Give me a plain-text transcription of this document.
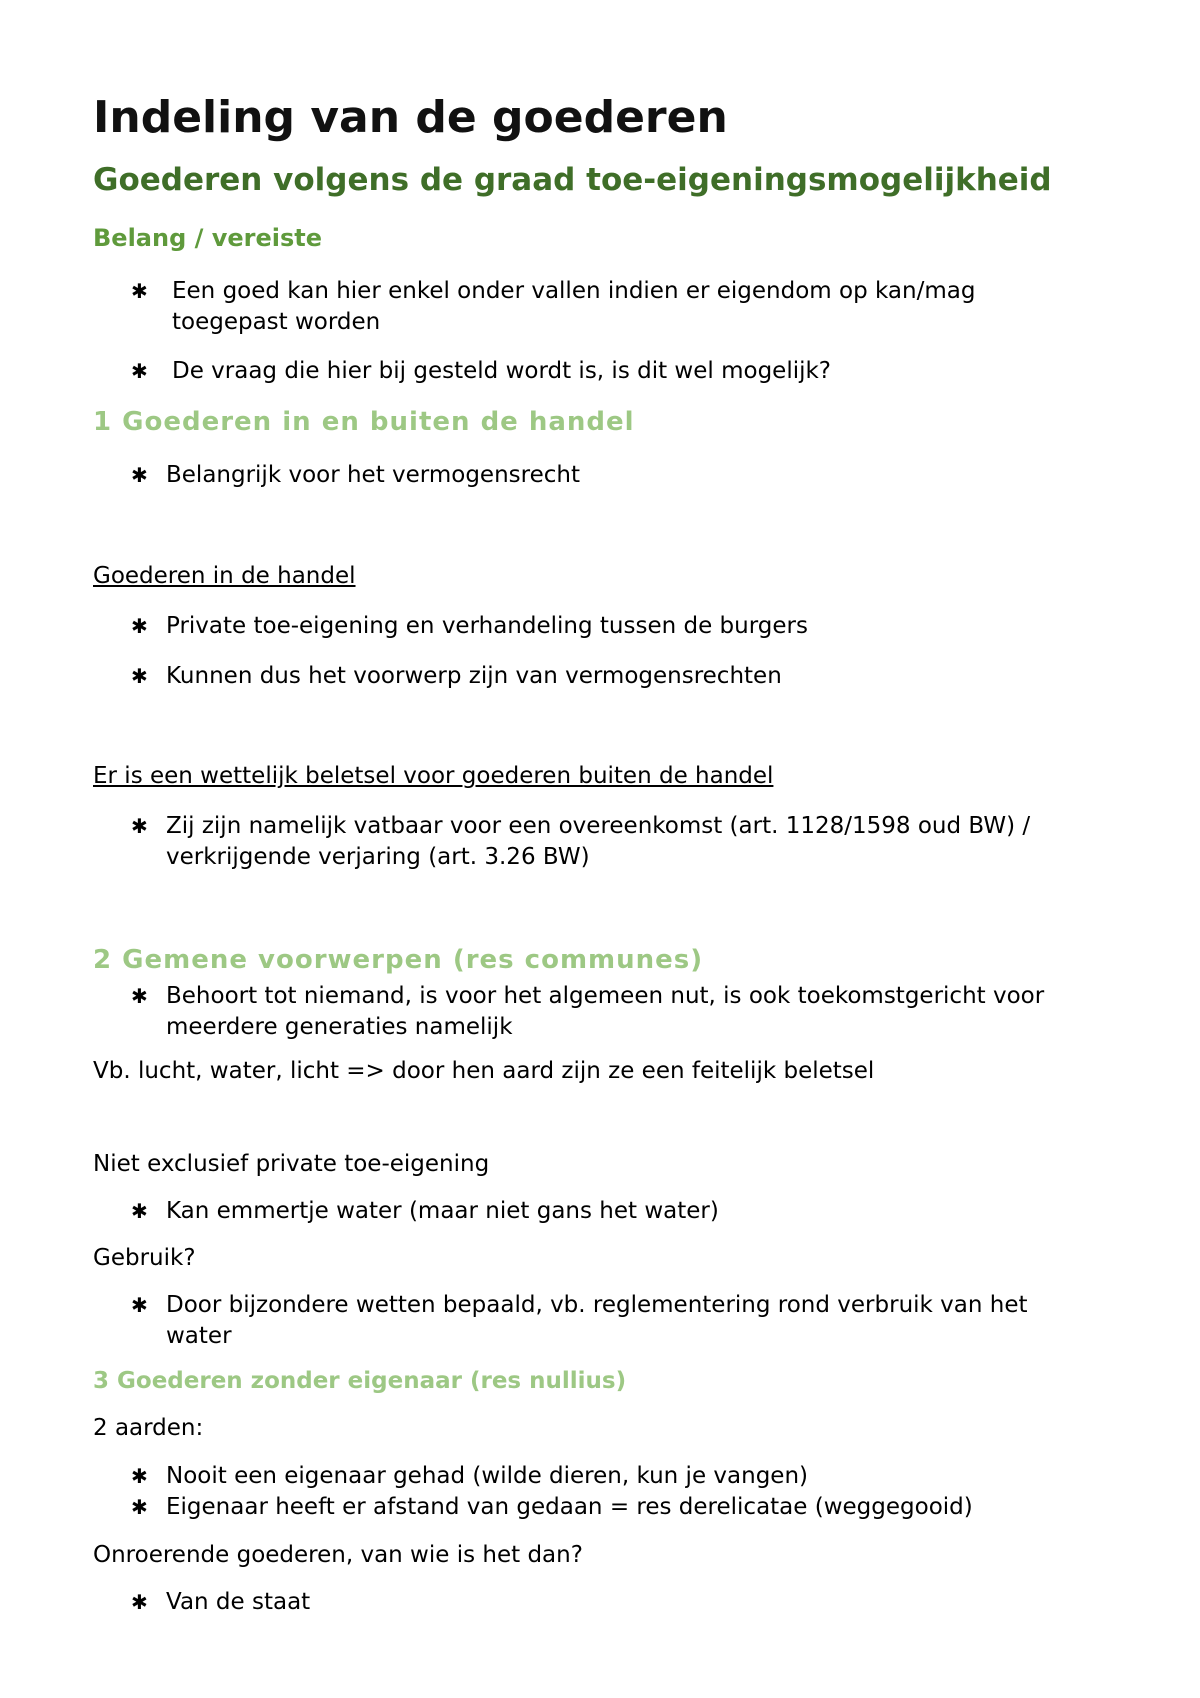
Indeling van de goederen
Goederen volgens de graad toe-eigeningsmogelijkheid
Belang / vereiste
✱ Een goed kan hier enkel onder vallen indien er eigendom op kan/mag toegepast worden
✱ De vraag die hier bij gesteld wordt is, is dit wel mogelijk?
1 Goederen in en buiten de handel
✱ Belangrijk voor het vermogensrecht

Goederen in de handel

✱ Private toe-eigening en verhandeling tussen de burgers
✱ Kunnen dus het voorwerp zijn van vermogensrechten

Er is een wettelijk beletsel voor goederen buiten de handel

✱ Zij zijn namelijk vatbaar voor een overeenkomst (art. 1128/1598 oud BW) / verkrijgende verjaring (art. 3.26 BW)
2 Gemene voorwerpen (res communes)
✱ Behoort tot niemand, is voor het algemeen nut, is ook toekomstgericht voor meerdere generaties namelijk

Vb. lucht, water, licht => door hen aard zijn ze een feitelijk beletsel

Niet exclusief private toe-eigening

✱ Kan emmertje water (maar niet gans het water)

Gebruik?

✱ Door bijzondere wetten bepaald, vb. reglementering rond verbruik van het water
3 Goederen zonder eigenaar (res nullius)

2 aarden:

✱ Nooit een eigenaar gehad (wilde dieren, kun je vangen)
✱ Eigenaar heeft er afstand van gedaan = res derelicatae (weggegooid)

Onroerende goederen, van wie is het dan?

✱ Van de staat
